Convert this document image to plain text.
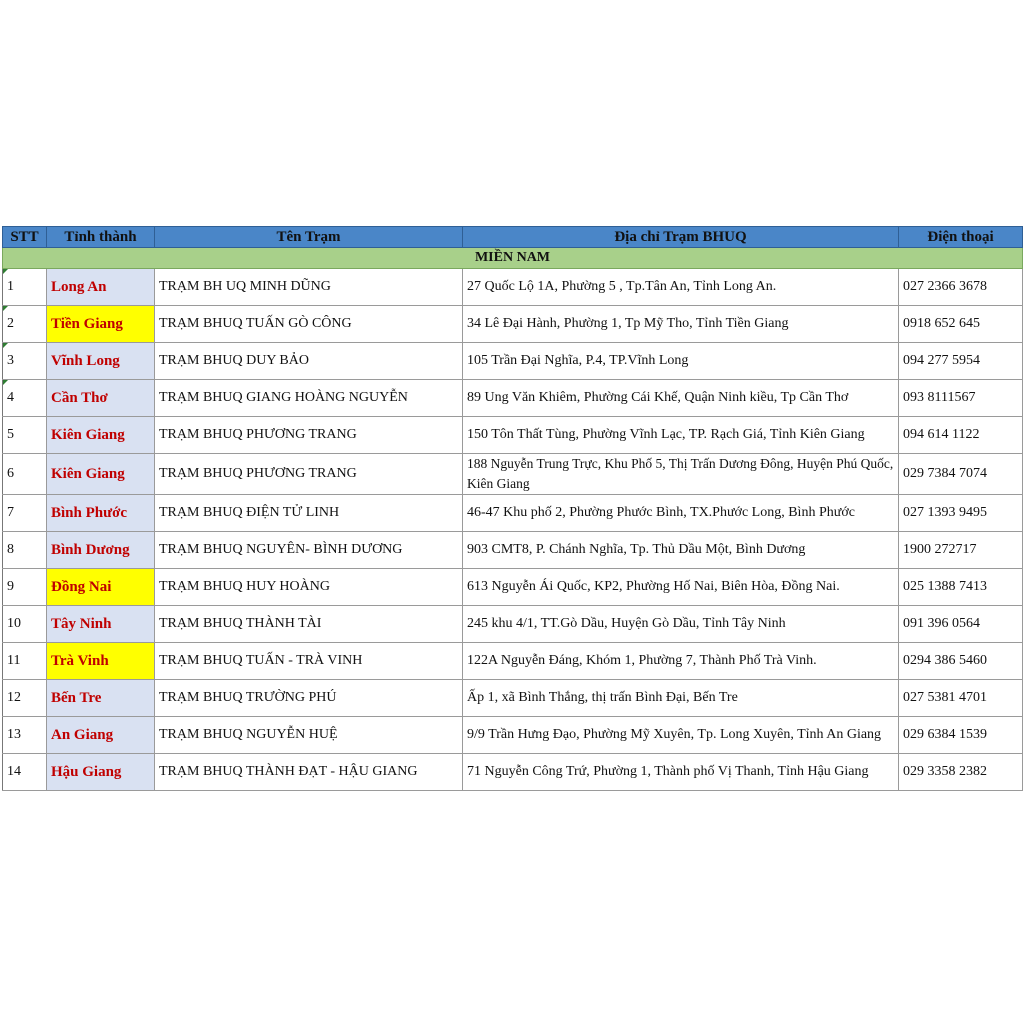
STT	Tỉnh thành	Tên Trạm	Địa chỉ Trạm BHUQ	Điện thoại
MIỀN NAM				

1	Long An	TRẠM BH UQ MINH DŨNG	27 Quốc Lộ 1A, Phường 5 , Tp.Tân An, Tỉnh Long An.	027 2366 3678

2	Tiền Giang	TRẠM BHUQ TUẤN GÒ CÔNG	34 Lê Đại Hành, Phường 1, Tp Mỹ Tho, Tỉnh Tiền Giang	0918 652 645

3	Vĩnh Long	TRẠM BHUQ DUY BẢO	105 Trần Đại Nghĩa, P.4, TP.Vĩnh Long	094 277 5954

4	Cần Thơ	TRẠM BHUQ GIANG HOÀNG NGUYỄN	89 Ung Văn Khiêm, Phường Cái Khế, Quận Ninh kiều, Tp Cần Thơ	093 8111567
5	Kiên Giang	TRẠM BHUQ PHƯƠNG TRANG	150 Tôn Thất Tùng, Phường Vĩnh Lạc, TP. Rạch Giá, Tỉnh Kiên Giang	094 614 1122
6	Kiên Giang	TRẠM BHUQ PHƯƠNG TRANG	188 Nguyễn Trung Trực, Khu Phố 5, Thị Trấn Dương Đông, Huyện Phú Quốc, Kiên Giang	029 7384 7074
7	Bình Phước	TRẠM BHUQ ĐIỆN TỬ LINH	46-47 Khu phố 2, Phường Phước Bình, TX.Phước Long, Bình Phước	027 1393 9495
8	Bình Dương	TRẠM BHUQ NGUYÊN- BÌNH DƯƠNG	903 CMT8, P. Chánh Nghĩa, Tp. Thủ Dầu Một, Bình Dương	1900 272717
9	Đồng Nai	TRẠM BHUQ HUY HOÀNG	613 Nguyễn Ái Quốc, KP2, Phường Hố Nai, Biên Hòa, Đồng Nai.	025 1388 7413
10	Tây Ninh	TRẠM BHUQ THÀNH TÀI	245 khu 4/1, TT.Gò Dầu, Huyện Gò Dầu, Tỉnh Tây Ninh	091 396 0564
11	Trà Vinh	TRẠM BHUQ TUẤN - TRÀ VINH	122A Nguyễn Đáng, Khóm 1, Phường 7, Thành Phố Trà Vinh.	0294 386 5460
12	Bến Tre	TRẠM BHUQ TRƯỜNG PHÚ	Ấp 1, xã Bình Thắng, thị trấn Bình Đại, Bến Tre	027 5381 4701
13	An Giang	TRẠM BHUQ NGUYỄN HUỆ	9/9 Trần Hưng Đạo, Phường Mỹ Xuyên, Tp. Long Xuyên, Tỉnh An Giang	029 6384 1539
14	Hậu Giang	TRẠM BHUQ THÀNH ĐẠT - HẬU GIANG	71 Nguyễn Công Trứ, Phường 1, Thành phố Vị Thanh, Tỉnh Hậu Giang	029 3358 2382
